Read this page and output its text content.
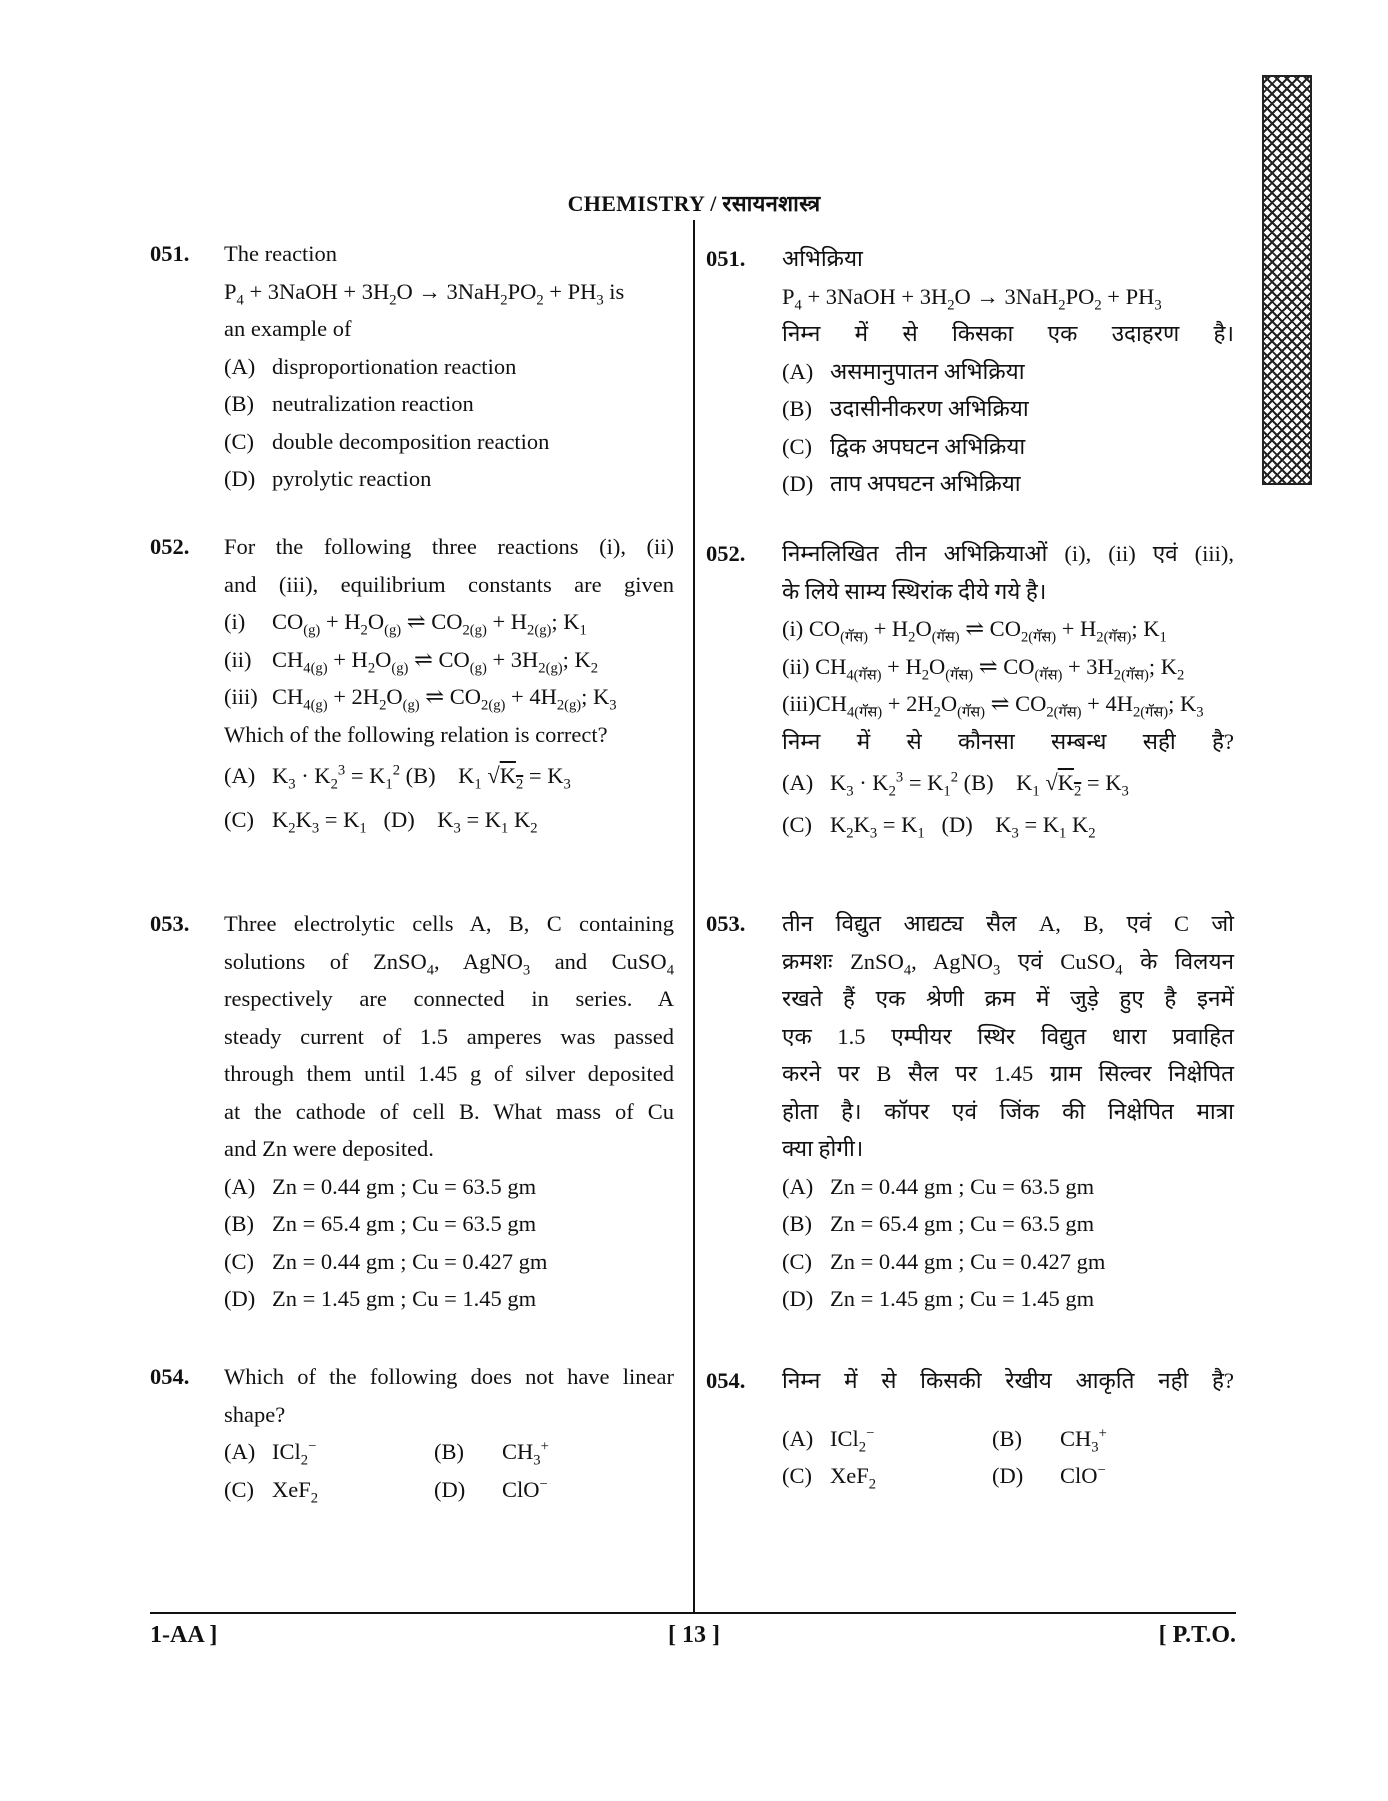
CHEMISTRY / रसायनशास्त्र
051. The reaction
$P_4$ + 3NaOH + $3H_2O \to 3NaH_2PO_2 + PH_3$ is
an example of
(A) disproportionation reaction
(B) neutralization reaction
(C) double decomposition reaction
(D) pyrolytic reaction
052. For the following three reactions (i), (ii)
and (iii), equilibrium constants are given
(i) $CO_{(g)} + H_2O_{(g)}$ ⇌ $CO_{2(g)} + H_{2(g)}$; $K_1$
(ii) $CH_{4(g)} + H_2O_{(g)}$ ⇌ $CO_{(g)} + 3H_{2(g)}$; $K_2$
(iii) $CH_{4(g)} + 2H_2O_{(g)}$ ⇌ $CO_{2(g)} + 4H_{2(g)}$; $K_3$
Which of the following relation is correct?
(A) $K_3 \cdot K_2^3 = K_1^2$ (B)    $K_1$ $√K_2 = K_3$
(C) $K_2K_3 = K_1$   (D)    $K_3 = K_1$ $K_2$
053. Three electrolytic cells A, B, C containing
solutions of ZnSO$_4$, AgNO$_3$ and CuSO$_4$
respectively are connected in series. A
steady current of 1.5 amperes was passed
through them until 1.45 g of silver deposited
at the cathode of cell B. What mass of Cu
and Zn were deposited.
(A) Zn = 0.44 gm ; Cu = 63.5 gm
(B) Zn = 65.4 gm ; Cu = 63.5 gm
(C) Zn = 0.44 gm ; Cu = 0.427 gm
(D) Zn = 1.45 gm ; Cu = 1.45 gm
054. Which of the following does not have linear
shape?
(A) ICl$_2$−	(B) $CH_3^+$
(C) XeF$_2$	(D) ClO−
051. अभिक्रिया
$P_4$ + 3NaOH + $3H_2O \to 3NaH_2PO_2 + PH_3$
निम्न में से किसका एक उदाहरण है।
(A) असमानुपातन अभिक्रिया
(B) उदासीनीकरण अभिक्रिया
(C) द्विक अपघटन अभिक्रिया
(D) ताप अपघटन अभिक्रिया
052. निम्नलिखित तीन अभिक्रियाओं (i), (ii) एवं (iii),
के लिये साम्य स्थिरांक दीये गये है।
(i) $CO_{(गॅस)} + H_2O_{(गॅस)}$ ⇌ $CO_{2(गॅस)} + H_{2(गॅस)}$; $K_1$
(ii) $CH_{4(गॅस)} + H_2O_{(गॅस)}$ ⇌ $CO_{(गॅस)} + 3H_{2(गॅस)}$; $K_2$
$(iii)CH_{4(गॅस)} + 2H_2O_{(गॅस)}$ ⇌ $CO_{2(गॅस)} + 4H_{2(गॅस)}$; $K_3$
निम्न में से कौनसा सम्बन्ध सही है?
(A) $K_3 \cdot K_2^3 = K_1^2$ (B)    $K_1$ $√K_2 = K_3$
(C) $K_2K_3 = K_1$   (D)    $K_3 = K_1$ $K_2$
053. तीन विद्युत आद्यट्य सैल A, B, एवं C जो
क्रमशः ZnSO$_4$, AgNO$_3$ एवं CuSO$_4$ के विलयन
रखते हैं एक श्रेणी क्रम में जुड़े हुए है इनमें
एक 1.5 एम्पीयर स्थिर विद्युत धारा प्रवाहित
करने पर B सैल पर 1.45 ग्राम सिल्वर निक्षेपित
होता है। कॉपर एवं जिंक की निक्षेपित मात्रा
क्या होगी।
(A) Zn = 0.44 gm ; Cu = 63.5 gm
(B) Zn = 65.4 gm ; Cu = 63.5 gm
(C) Zn = 0.44 gm ; Cu = 0.427 gm
(D) Zn = 1.45 gm ; Cu = 1.45 gm
054. निम्न में से किसकी रेखीय आकृति नही है?
(A) ICl$_2$−	(B) $CH_3^+$
(C) XeF$_2$	(D) ClO−
1-AA ]	[ 13 ]	[ P.T.O.
